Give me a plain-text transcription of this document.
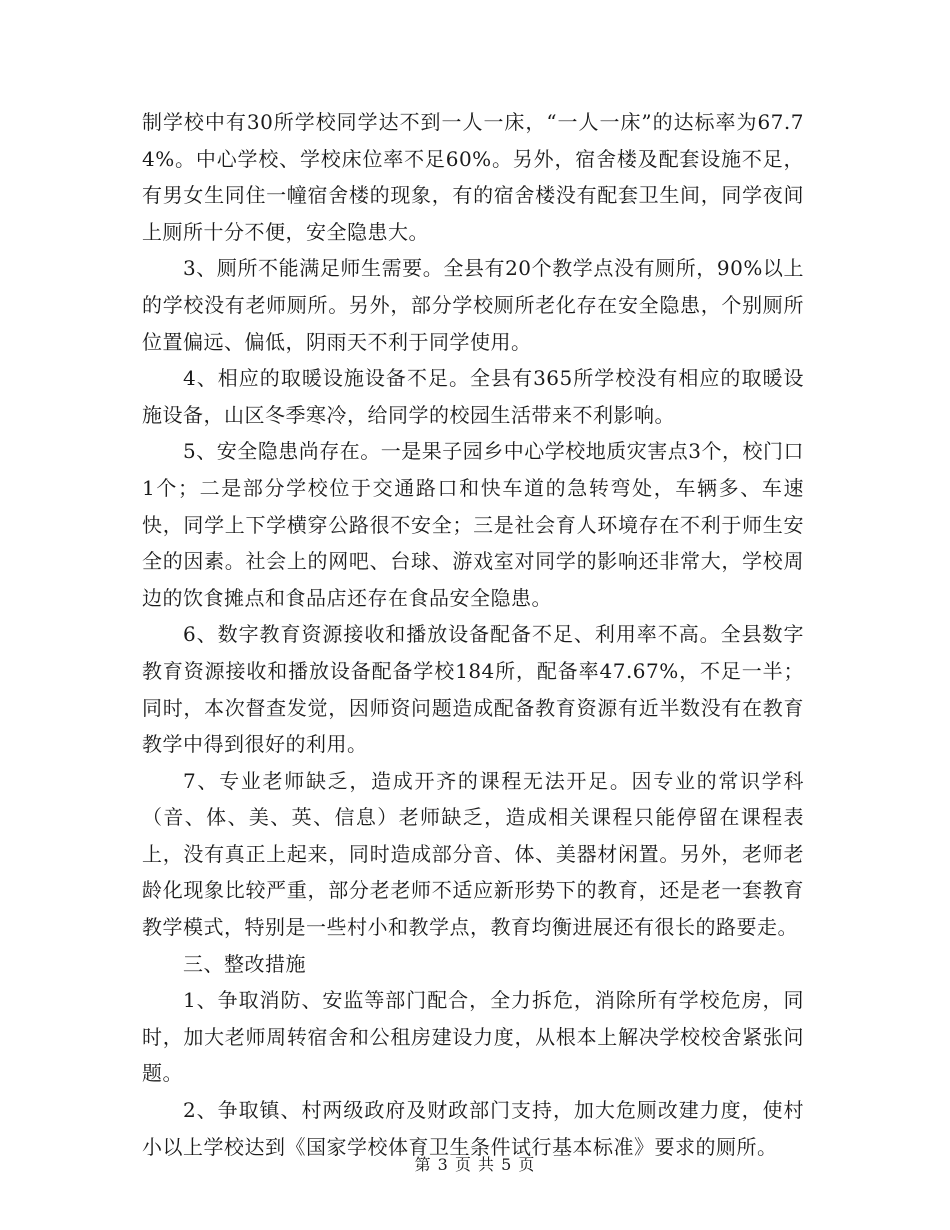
制学校中有30所学校同学达不到一人一床，“一人一床”的达标率为67.74%。中心学校、学校床位率不足60%。另外，宿舍楼及配套设施不足，有男女生同住一幢宿舍楼的现象，有的宿舍楼没有配套卫生间，同学夜间上厕所十分不便，安全隐患大。

3、厕所不能满足师生需要。全县有20个教学点没有厕所，90%以上的学校没有老师厕所。另外，部分学校厕所老化存在安全隐患，个别厕所位置偏远、偏低，阴雨天不利于同学使用。

4、相应的取暖设施设备不足。全县有365所学校没有相应的取暖设施设备，山区冬季寒冷，给同学的校园生活带来不利影响。

5、安全隐患尚存在。一是果子园乡中心学校地质灾害点3个，校门口1个；二是部分学校位于交通路口和快车道的急转弯处，车辆多、车速快，同学上下学横穿公路很不安全；三是社会育人环境存在不利于师生安全的因素。社会上的网吧、台球、游戏室对同学的影响还非常大，学校周边的饮食摊点和食品店还存在食品安全隐患。

6、数字教育资源接收和播放设备配备不足、利用率不高。全县数字教育资源接收和播放设备配备学校184所，配备率47.67%，不足一半；同时，本次督查发觉，因师资问题造成配备教育资源有近半数没有在教育教学中得到很好的利用。

7、专业老师缺乏，造成开齐的课程无法开足。因专业的常识学科（音、体、美、英、信息）老师缺乏，造成相关课程只能停留在课程表上，没有真正上起来，同时造成部分音、体、美器材闲置。另外，老师老龄化现象比较严重，部分老老师不适应新形势下的教育，还是老一套教育教学模式，特别是一些村小和教学点，教育均衡进展还有很长的路要走。

三、整改措施

1、争取消防、安监等部门配合，全力拆危，消除所有学校危房，同时，加大老师周转宿舍和公租房建设力度，从根本上解决学校校舍紧张问题。

2、争取镇、村两级政府及财政部门支持，加大危厕改建力度，使村小以上学校达到《国家学校体育卫生条件试行基本标准》要求的厕所。

第 3 页 共 5 页
